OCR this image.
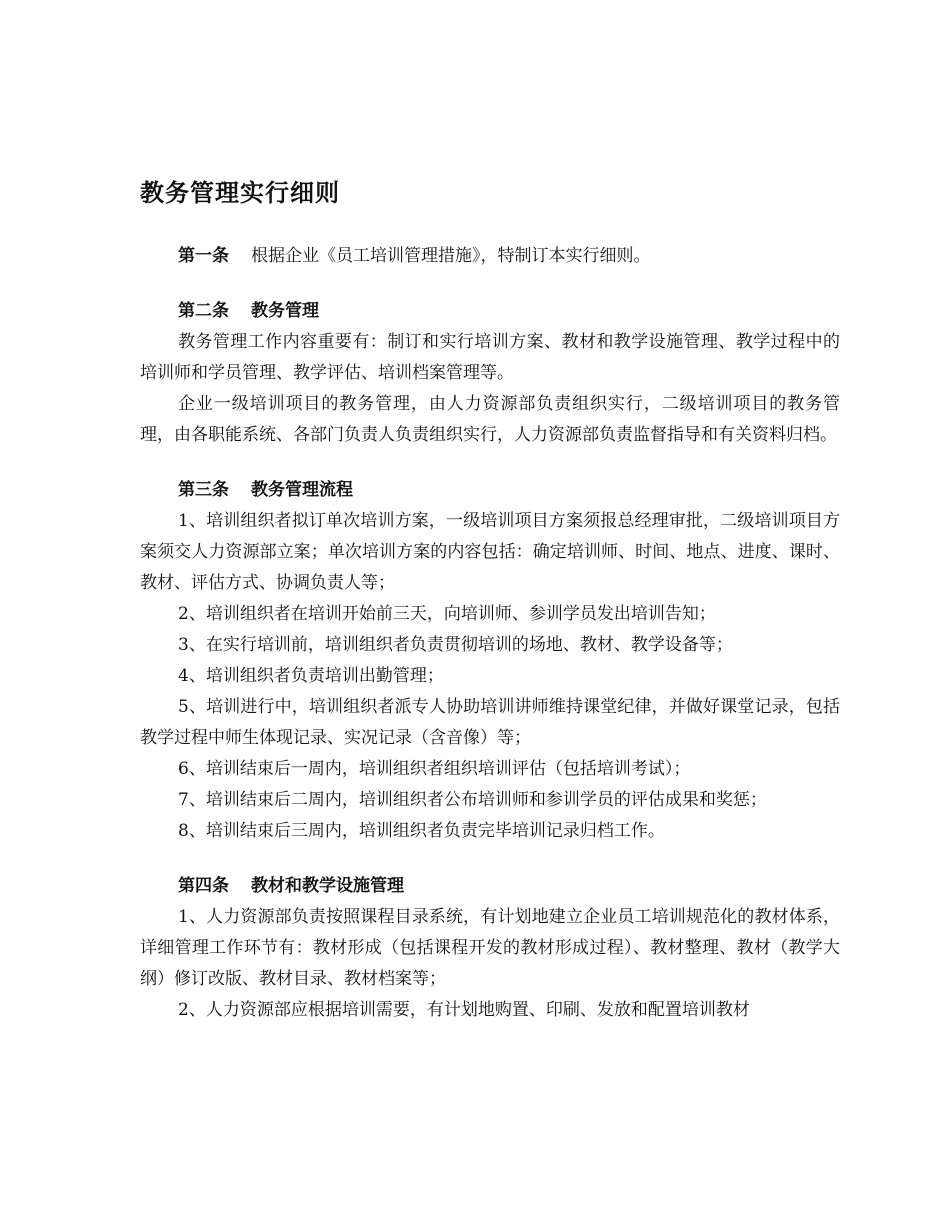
教务管理实行细则

第一条 根据企业《员工培训管理措施》，特制订本实行细则。

第二条 教务管理

教务管理工作内容重要有：制订和实行培训方案、教材和教学设施管理、教学过程中的培训师和学员管理、教学评估、培训档案管理等。

企业一级培训项目的教务管理，由人力资源部负责组织实行，二级培训项目的教务管理，由各职能系统、各部门负责人负责组织实行，人力资源部负责监督指导和有关资料归档。

第三条 教务管理流程

1、培训组织者拟订单次培训方案，一级培训项目方案须报总经理审批，二级培训项目方案须交人力资源部立案；单次培训方案的内容包括：确定培训师、时间、地点、进度、课时、教材、评估方式、协调负责人等；

2、培训组织者在培训开始前三天，向培训师、参训学员发出培训告知；

3、在实行培训前，培训组织者负责贯彻培训的场地、教材、教学设备等；

4、培训组织者负责培训出勤管理；

5、培训进行中，培训组织者派专人协助培训讲师维持课堂纪律，并做好课堂记录，包括教学过程中师生体现记录、实况记录（含音像）等；

6、培训结束后一周内，培训组织者组织培训评估（包括培训考试）；

7、培训结束后二周内，培训组织者公布培训师和参训学员的评估成果和奖惩；

8、培训结束后三周内，培训组织者负责完毕培训记录归档工作。

第四条 教材和教学设施管理

1、人力资源部负责按照课程目录系统，有计划地建立企业员工培训规范化的教材体系，详细管理工作环节有：教材形成（包括课程开发的教材形成过程）、教材整理、教材（教学大纲）修订改版、教材目录、教材档案等；

2、人力资源部应根据培训需要，有计划地购置、印刷、发放和配置培训教材
